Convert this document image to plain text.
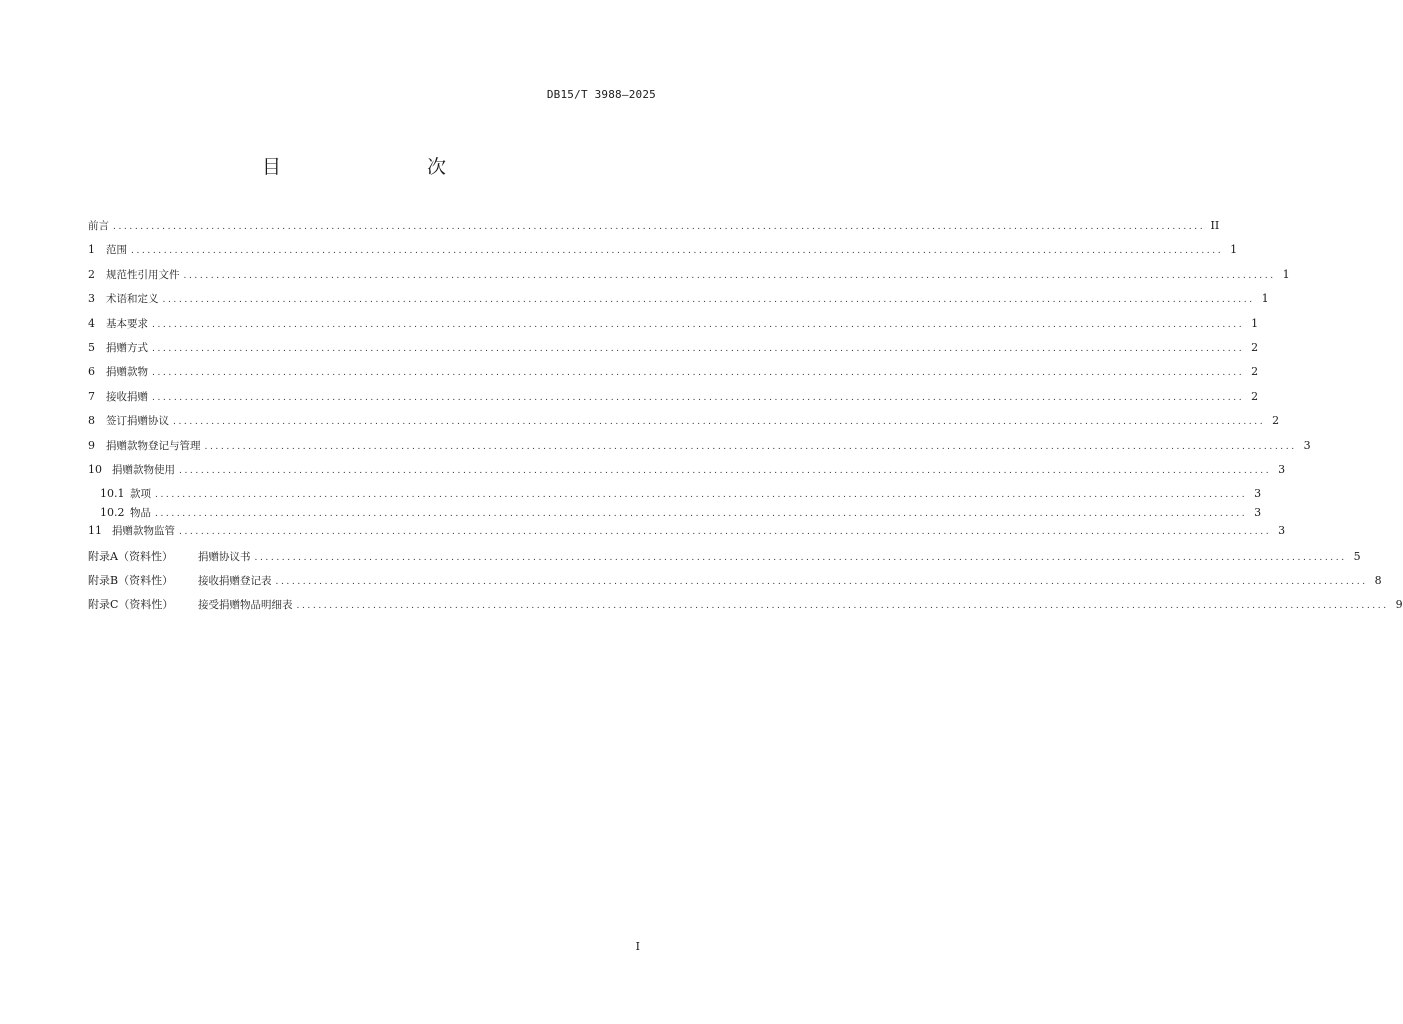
DB15/T 3988—2025
目　　次
前言 ........................................................................................................................................................................................................ II
1	范围 ........................................................................................................................................................................................................ 1
2	规范性引用文件 ........................................................................................................................................................................................................ 1
3	术语和定义 ........................................................................................................................................................................................................ 1
4	基本要求 ........................................................................................................................................................................................................ 1
5	捐赠方式 ........................................................................................................................................................................................................ 2
6	捐赠款物 ........................................................................................................................................................................................................ 2
7	接收捐赠 ........................................................................................................................................................................................................ 2
8	签订捐赠协议 ........................................................................................................................................................................................................ 2
9	捐赠款物登记与管理 ........................................................................................................................................................................................................ 3
10 捐赠款物使用 ........................................................................................................................................................................................................ 3
10.1 款项 ........................................................................................................................................................................................................ 3
10.2 物品 ........................................................................................................................................................................................................ 3
11 捐赠款物监管 ........................................................................................................................................................................................................ 3
附录A（资料性）	捐赠协议书 ........................................................................................................................................................................................................ 5
附录B（资料性）	接收捐赠登记表 ........................................................................................................................................................................................................ 8
附录C（资料性）	接受捐赠物品明细表 ........................................................................................................................................................................................................ 9
I
